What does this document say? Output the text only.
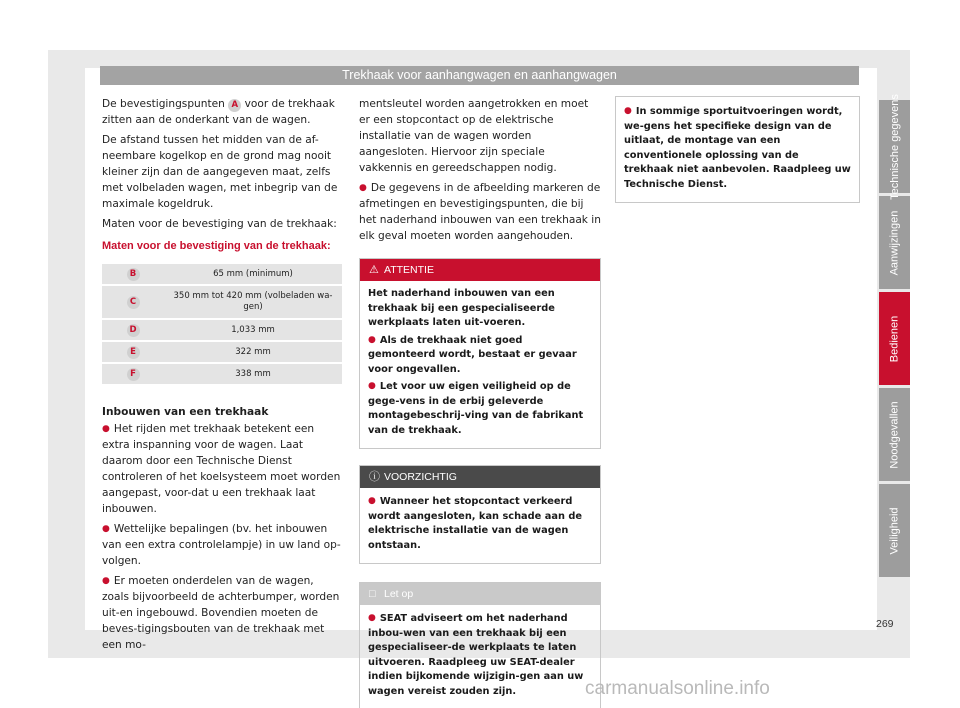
Trekhaak voor aanhangwagen en aanhangwagen

De bevestigingspunten A voor de trekhaak zitten aan de onderkant van de wagen.

De afstand tussen het midden van de af-neembare kogelkop en de grond mag nooit kleiner zijn dan de aangegeven maat, zelfs met volbeladen wagen, met inbegrip van de maximale kogeldruk.

Maten voor de bevestiging van de trekhaak:

Maten voor de bevestiging van de trekhaak:
B	65 mm (minimum)
C	350 mm tot 420 mm (volbeladen wa-gen)
D	1,033 mm
E	322 mm
F	338 mm
Inbouwen van een trekhaak

● Het rijden met trekhaak betekent een extra inspanning voor de wagen. Laat daarom door een Technische Dienst controleren of het koelsysteem moet worden aangepast, voor-dat u een trekhaak laat inbouwen.

● Wettelijke bepalingen (bv. het inbouwen van een extra controlelampje) in uw land op-volgen.

● Er moeten onderdelen van de wagen, zoals bijvoorbeeld de achterbumper, worden uit-en ingebouwd. Bovendien moeten de beves-tigingsbouten van de trekhaak met een mo-

mentsleutel worden aangetrokken en moet er een stopcontact op de elektrische installatie van de wagen worden aangesloten. Hiervoor zijn speciale vakkennis en gereedschappen nodig.

● De gegevens in de afbeelding markeren de afmetingen en bevestigingspunten, die bij het naderhand inbouwen van een trekhaak in elk geval moeten worden aangehouden.

⚠ ATTENTIE

Het naderhand inbouwen van een trekhaak bij een gespecialiseerde werkplaats laten uit-voeren.

● Als de trekhaak niet goed gemonteerd wordt, bestaat er gevaar voor ongevallen.

● Let voor uw eigen veiligheid op de gege-vens in de erbij geleverde montagebeschrij-ving van de fabrikant van de trekhaak.

ⓘ VOORZICHTIG

● Wanneer het stopcontact verkeerd wordt aangesloten, kan schade aan de elektrische installatie van de wagen ontstaan.

□ Let op

● SEAT adviseert om het naderhand inbou-wen van een trekhaak bij een gespecialiseer-de werkplaats te laten uitvoeren. Raadpleeg uw SEAT-dealer indien bijkomende wijzigin-gen aan uw wagen vereist zouden zijn.

● In sommige sportuitvoeringen wordt, we-gens het specifieke design van de uitlaat, de montage van een conventionele oplossing van de trekhaak niet aanbevolen. Raadpleeg uw Technische Dienst.	Technische gegevens
Aanwijzingen
Bedienen
Noodgevallen
Veiligheid
269
carmanualsonline.info
